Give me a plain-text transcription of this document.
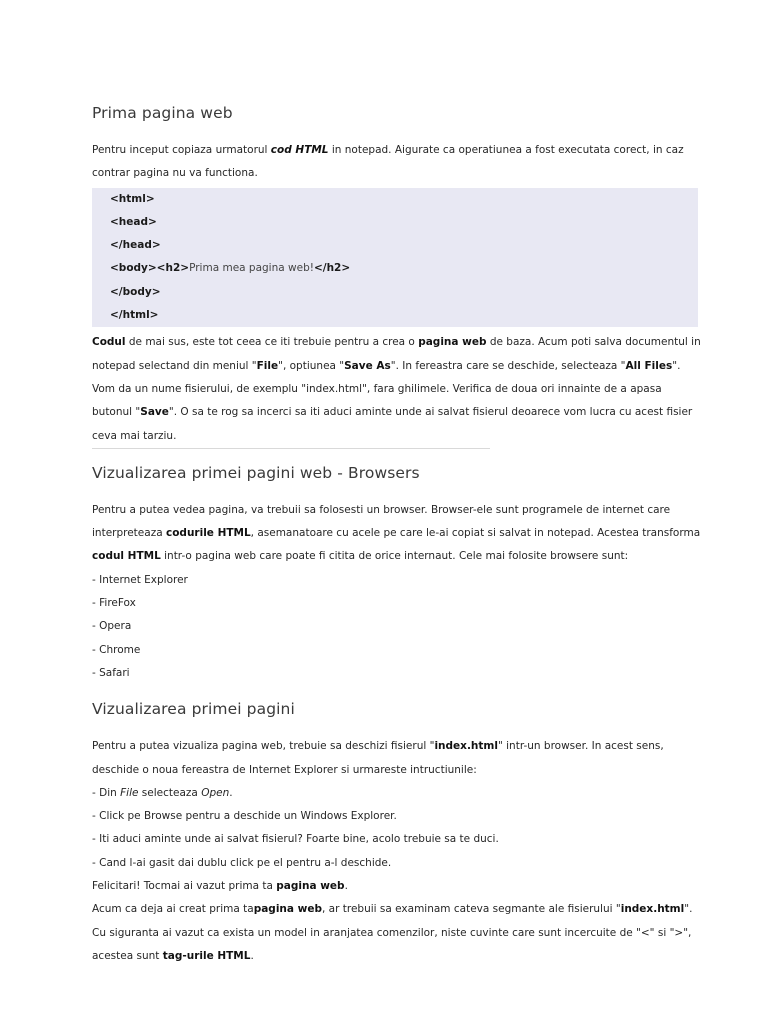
Prima pagina web

Pentru inceput copiaza urmatorul cod HTML in notepad. Aigurate ca operatiunea a fost executata corect, in caz contrar pagina nu va functiona.

<html>
<head>
</head>
<body><h2>Prima mea pagina web!</h2>
</body>
</html>

Codul de mai sus, este tot ceea ce iti trebuie pentru a crea o pagina web de baza. Acum poti salva documentul in notepad selectand din meniul "File", optiunea "Save As". In fereastra care se deschide, selecteaza "All Files". Vom da un nume fisierului, de exemplu "index.html", fara ghilimele. Verifica de doua ori innainte de a apasa butonul "Save". O sa te rog sa incerci sa iti aduci aminte unde ai salvat fisierul deoarece vom lucra cu acest fisier ceva mai tarziu.

Vizualizarea primei pagini web - Browsers

Pentru a putea vedea pagina, va trebuii sa folosesti un browser. Browser-ele sunt programele de internet care interpreteaza codurile HTML, asemanatoare cu acele pe care le-ai copiat si salvat in notepad. Acestea transforma codul HTML intr-o pagina web care poate fi citita de orice internaut. Cele mai folosite browsere sunt:

- Internet Explorer
- FireFox
- Opera
- Chrome
- Safari
Vizualizarea primei pagini

Pentru a putea vizualiza pagina web, trebuie sa deschizi fisierul "index.html" intr-un browser. In acest sens, deschide o noua fereastra de Internet Explorer si urmareste intructiunile:

- Din File selecteaza Open.
- Click pe Browse pentru a deschide un Windows Explorer.
- Iti aduci aminte unde ai salvat fisierul? Foarte bine, acolo trebuie sa te duci.
- Cand l-ai gasit dai dublu click pe el pentru a-l deschide.
Felicitari! Tocmai ai vazut prima ta pagina web.

Acum ca deja ai creat prima tapagina web, ar trebuii sa examinam cateva segmante ale fisierului "index.html". Cu siguranta ai vazut ca exista un model in aranjatea comenzilor, niste cuvinte care sunt incercuite de "<" si ">", acestea sunt tag-urile HTML.
